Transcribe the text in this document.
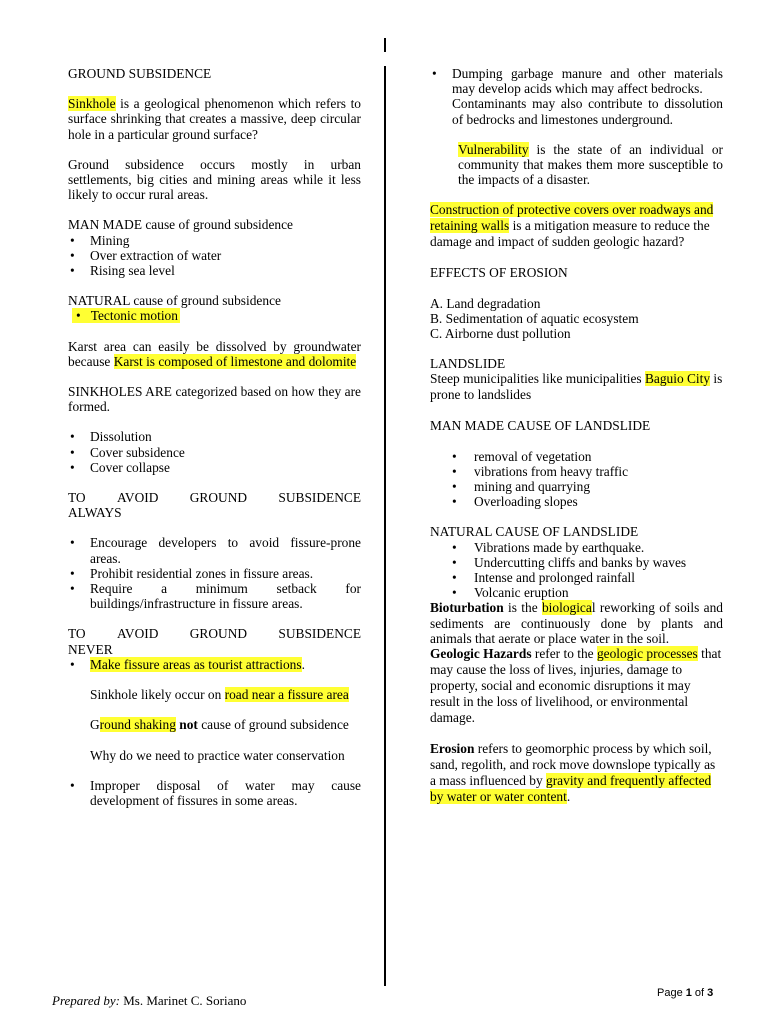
GROUND SUBSIDENCE

Sinkhole is a geological phenomenon which refers to surface shrinking that creates a massive, deep circular hole in a particular ground surface?

Ground subsidence occurs mostly in urban settlements, big cities and mining areas while it less likely to occur rural areas.

MAN MADE cause of ground subsidence

• Mining
• Over extraction of water
• Rising sea level

NATURAL cause of ground subsidence

•   Tectonic motion

Karst area can easily be dissolved by groundwater because Karst is composed of limestone and dolomite

SINKHOLES ARE categorized based on how they are formed.

• Dissolution
• Cover subsidence
• Cover collapse

TO AVOID GROUND SUBSIDENCE
ALWAYS

• Encourage developers to avoid fissure-prone areas.
• Prohibit residential zones in fissure areas.
• Require a minimum setback for buildings/infrastructure in fissure areas.

TO AVOID GROUND SUBSIDENCE
NEVER

• Make fissure areas as tourist attractions.

Sinkhole likely occur on road near a fissure area

Ground shaking not cause of ground subsidence

Why do we need to practice water conservation

• Improper disposal of water may cause development of fissures in some areas.
• Dumping garbage manure and other materials may develop acids which may affect bedrocks.

Contaminants may also contribute to dissolution of bedrocks and limestones underground.

Vulnerability is the state of an individual or community that makes them more susceptible to the impacts of a disaster.

Construction of protective covers over roadways and retaining walls is a mitigation measure to reduce the damage and impact of sudden geologic hazard?

EFFECTS OF EROSION

A. Land degradation

B. Sedimentation of aquatic ecosystem

C. Airborne dust pollution

LANDSLIDE

Steep municipalities like municipalities Baguio City is prone to landslides

MAN MADE CAUSE OF LANDSLIDE

• removal of vegetation
• vibrations from heavy traffic
• mining and quarrying
• Overloading slopes

NATURAL CAUSE OF LANDSLIDE

• Vibrations made by earthquake.
• Undercutting cliffs and banks by waves
• Intense and prolonged rainfall
• Volcanic eruption

Bioturbation is the biological reworking of soils and sediments are continuously done by plants and animals that aerate or place water in the soil.

Geologic Hazards refer to the geologic processes that may cause the loss of lives, injuries, damage to property, social and economic disruptions it may result in the loss of livelihood, or environmental damage.

Erosion refers to geomorphic process by which soil, sand, regolith, and rock move downslope typically as a mass influenced by gravity and frequently affected by water or water content.

Prepared by: Ms. Marinet C. Soriano	Page 1 of 3
